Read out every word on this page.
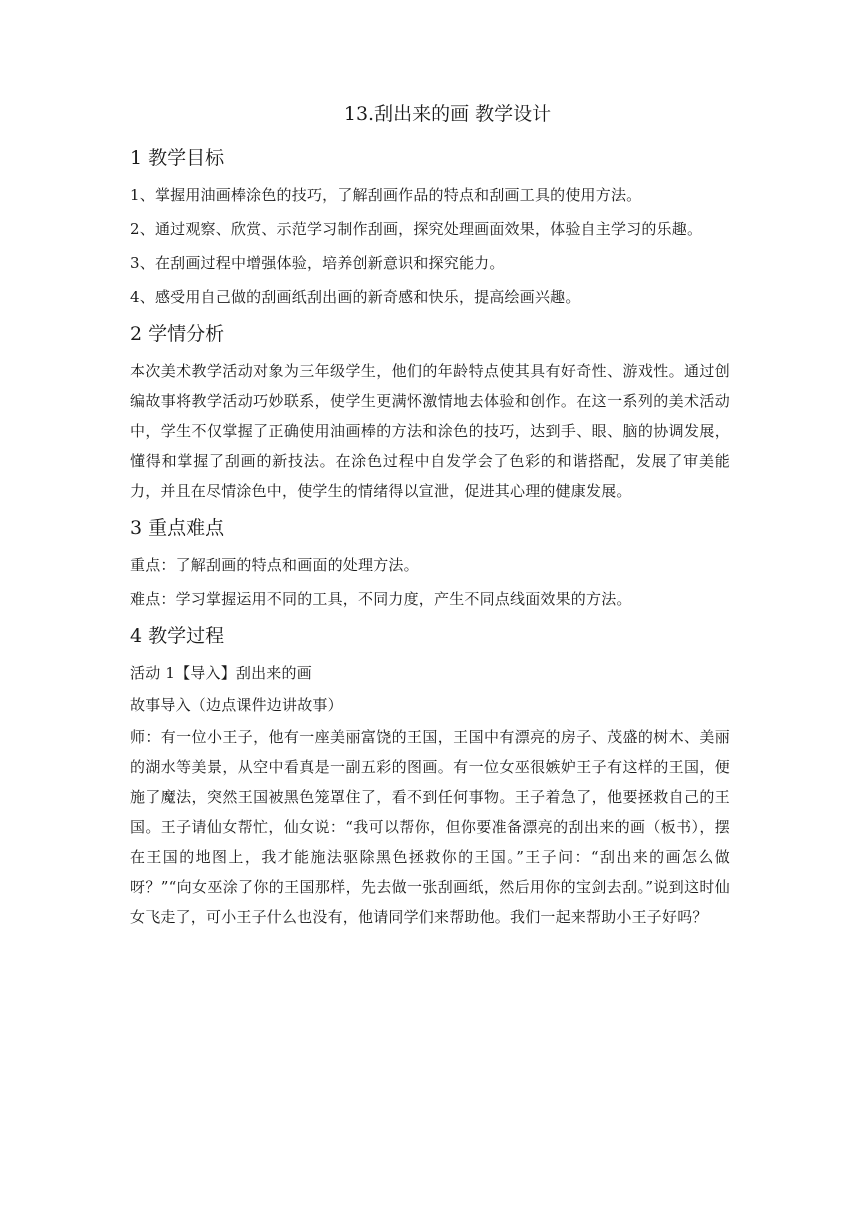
13.刮出来的画 教学设计
1 教学目标

1、掌握用油画棒涂色的技巧，了解刮画作品的特点和刮画工具的使用方法。

2、通过观察、欣赏、示范学习制作刮画，探究处理画面效果，体验自主学习的乐趣。

3、在刮画过程中增强体验，培养创新意识和探究能力。

4、感受用自己做的刮画纸刮出画的新奇感和快乐，提高绘画兴趣。

2 学情分析

本次美术教学活动对象为三年级学生，他们的年龄特点使其具有好奇性、游戏性。通过创编故事将教学活动巧妙联系，使学生更满怀激情地去体验和创作。在这一系列的美术活动中，学生不仅掌握了正确使用油画棒的方法和涂色的技巧，达到手、眼、脑的协调发展，懂得和掌握了刮画的新技法。在涂色过程中自发学会了色彩的和谐搭配，发展了审美能力，并且在尽情涂色中，使学生的情绪得以宣泄，促进其心理的健康发展。

3 重点难点

重点：了解刮画的特点和画面的处理方法。

难点：学习掌握运用不同的工具，不同力度，产生不同点线面效果的方法。

4 教学过程

活动 1【导入】刮出来的画

故事导入（边点课件边讲故事）

师：有一位小王子，他有一座美丽富饶的王国，王国中有漂亮的房子、茂盛的树木、美丽的湖水等美景，从空中看真是一副五彩的图画。有一位女巫很嫉妒王子有这样的王国，便施了魔法，突然王国被黑色笼罩住了，看不到任何事物。王子着急了，他要拯救自己的王国。王子请仙女帮忙，仙女说：“我可以帮你，但你要准备漂亮的刮出来的画（板书），摆在王国的地图上，我才能施法驱除黑色拯救你的王国。”王子问：“刮出来的画怎么做呀？”“向女巫涂了你的王国那样，先去做一张刮画纸，然后用你的宝剑去刮。”说到这时仙女飞走了，可小王子什么也没有，他请同学们来帮助他。我们一起来帮助小王子好吗？
